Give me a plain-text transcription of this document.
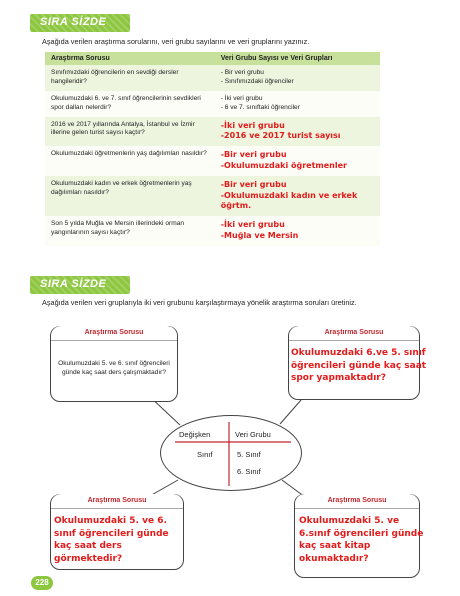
SIRA SİZDE
Aşağıda verilen araştırma sorularını, veri grubu sayılarını ve veri gruplarını yazınız.
Araştırma Sorusu	Veri Grubu Sayısı ve Veri Grupları
Sınıfımızdaki öğrencilerin en sevdiği dersler hangileridir?	- Bir veri grubu
- Sınıfımızdaki öğrenciler

Okulumuzdaki 6. ve 7. sınıf öğrencilerinin sevdikleri spor dalları nelerdir?	- İki veri grubu
- 6 ve 7. sınıftaki öğrenciler

2016 ve 2017 yıllarında Antalya, İstanbul ve İzmir illerine gelen turist sayısı kaçtır?	-İki veri grubu
-2016 ve 2017 turist sayısı

Okulumuzdaki öğretmenlerin yaş dağılımları nasıldır?	-Bir veri grubu
-Okulumuzdaki öğretmenler

Okulumuzdaki kadın ve erkek öğretmenlerin yaş dağılımları nasıldır?	-Bir veri grubu
-Okulumuzdaki kadın ve erkek öğrtm.

Son 5 yılda Muğla ve Mersin illerindeki orman yangınlarının sayısı kaçtır?	-İki veri grubu
-Muğla ve Mersin
SIRA SİZDE
Aşağıda verilen veri gruplarıyla iki veri grubunu karşılaştırmaya yönelik araştırma soruları üretiniz.
Araştırma Sorusu
Okulumuzdaki 5. ve 6. sınıf öğrencileri günde kaç saat ders çalışmaktadır?
Araştırma Sorusu
Okulumuzdaki 6.ve 5. sınıf öğrencileri günde kaç saat spor yapmaktadır?
Araştırma Sorusu
Okulumuzdaki 5. ve 6. sınıf öğrencileri günde kaç saat ders görmektedir?
Araştırma Sorusu
Okulumuzdaki 5. ve 6.sınıf öğrencileri günde kaç saat kitap okumaktadır?
Değişken	Veri Grubu
Sınıf	5. Sınıf
6. Sınıf
228
